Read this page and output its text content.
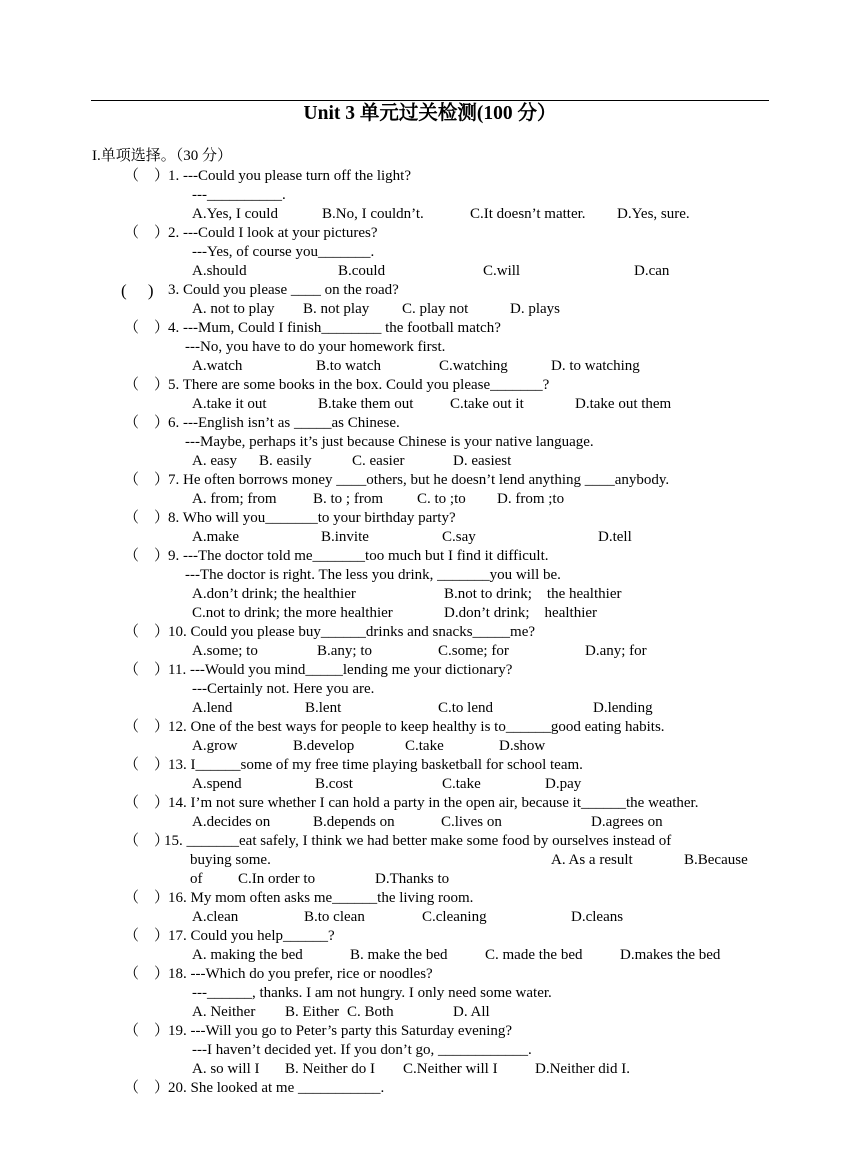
Unit 3 单元过关检测(100 分）
I.单项选择。（30 分）
（    ）
1. ---Could you please turn off the light?
---__________.
A.Yes, I could	B.No, I couldn’t.	C.It doesn’t matter. D.Yes, sure.
（    ）
2. ---Could I look at your pictures?
---Yes, of course you_______.
A.should	B.could	C.will	D.can
(     ) 3. Could you please ____ on the road?
A. not to play B. not play C. play not	D. plays
（    ）
4. ---Mum, Could I finish________ the football match?
---No, you have to do your homework first.
A.watch	B.to watch	C.watching	D. to watching
（    ）
5. There are some books in the box. Could you please_______?
A.take it out	B.take them out C.take out it	D.take out them
（    ）
6. ---English isn’t as _____as Chinese.
---Maybe, perhaps it’s just because Chinese is your native language.
A. easy B. easily	C. easier	D. easiest
（    ）
7. He often borrows money ____others, but he doesn’t lend anything ____anybody.
A. from; from B. to ; from C. to ;to D. from ;to
（    ）
8. Who will you_______to your birthday party?
A.make	B.invite	C.say	D.tell
（    ）
9. ---The doctor told me_______too much but I find it difficult.
---The doctor is right. The less you drink, _______you will be.
A.don’t drink; the healthier	B.not to drink;    the healthier
C.not to drink; the more healthier	D.don’t drink;    healthier
（    ）
10. Could you please buy______drinks and snacks_____me?
A.some; to	B.any; to	C.some; for	D.any; for
（    ）
11. ---Would you mind_____lending me your dictionary?
---Certainly not. Here you are.
A.lend	B.lent	C.to lend	D.lending
（    ）
12. One of the best ways for people to keep healthy is to______good eating habits.
A.grow	B.develop	C.take	D.show
（    ）
13. I______some of my free time playing basketball for school team.
A.spend	B.cost	C.take	D.pay
（    ）
14. I’m not sure whether I can hold a party in the open air, because it______the weather.
A.decides on	B.depends on	C.lives on	D.agrees on
（    ）
15. _______eat safely, I think we had better make some food by ourselves instead of
buying some.	A. As a result	B.Because
of C.In order to	D.Thanks to
（    ）
16. My mom often asks me______the living room.
A.clean	B.to clean	C.cleaning	D.cleans
（    ）
17. Could you help______?
A. making the bed	B. make the bed	C. made the bed	D.makes the bed
（    ）
18. ---Which do you prefer, rice or noodles?
---______, thanks. I am not hungry. I only need some water.
A. Neither B. Either C. Both	D. All
（    ）
19. ---Will you go to Peter’s party this Saturday evening?
---I haven’t decided yet. If you don’t go, ____________.
A. so will I B. Neither do I C.Neither will I D.Neither did I.
（    ）
20. She looked at me ___________.
